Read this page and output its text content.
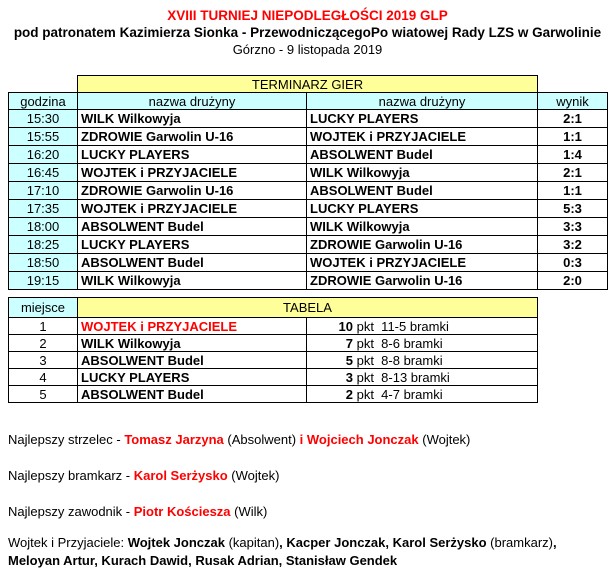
XVIII TURNIEJ NIEPODLEGŁOŚCI 2019 GLP
pod patronatem Kazimierza Sionka - PrzewodniczącegoPo wiatowej Rady LZS w Garwolinie
Górzno - 9 listopada 2019
	TERMINARZ GIER		
godzina	nazwa drużyny	nazwa drużyny	wynik
15:30	WILK Wilkowyja	LUCKY PLAYERS	2:1
15:55	ZDROWIE Garwolin U-16	WOJTEK i PRZYJACIELE	1:1
16:20	LUCKY PLAYERS	ABSOLWENT Budel	1:4
16:45	WOJTEK i PRZYJACIELE	WILK Wilkowyja	2:1
17:10	ZDROWIE Garwolin U-16	ABSOLWENT Budel	1:1
17:35	WOJTEK i PRZYJACIELE	LUCKY PLAYERS	5:3
18:00	ABSOLWENT Budel	WILK Wilkowyja	3:3
18:25	LUCKY PLAYERS	ZDROWIE Garwolin U-16	3:2
18:50	ABSOLWENT Budel	WOJTEK i PRZYJACIELE	0:3
19:15	WILK Wilkowyja	ZDROWIE Garwolin U-16	2:0
miejsce	TABELA	
1	WOJTEK i PRZYJACIELE	10 pkt  11-5 bramki
2	WILK Wilkowyja	7 pkt  8-6 bramki
3	ABSOLWENT Budel	5 pkt  8-8 bramki
4	LUCKY PLAYERS	3 pkt  8-13 bramki
5	ABSOLWENT Budel	2 pkt  4-7 bramki

Najlepszy strzelec - Tomasz Jarzyna (Absolwent) i Wojciech Jonczak (Wojtek)

Najlepszy bramkarz - Karol Serżysko (Wojtek)

Najlepszy zawodnik - Piotr Kościesza (Wilk)

Wojtek i Przyjaciele: Wojtek Jonczak (kapitan), Kacper Jonczak, Karol Serżysko (bramkarz),
Meloyan Artur, Kurach Dawid, Rusak Adrian, Stanisław Gendek
